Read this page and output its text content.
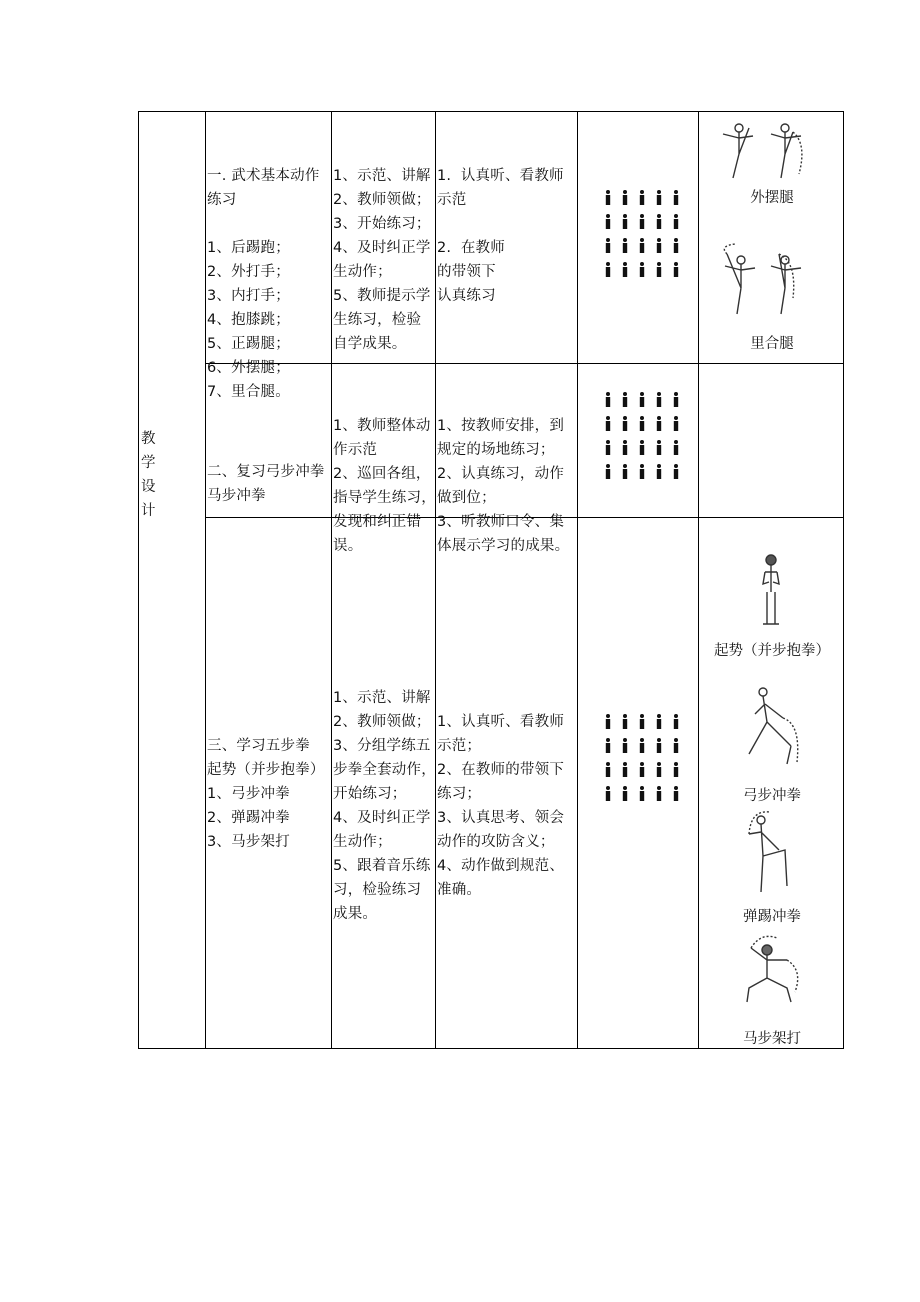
教
学
设
计

一. 武术基本动作
练习

1、后踢跑；
2、外打手；
3、内打手；
4、抱膝跳；
5、正踢腿；
6、外摆腿；
7、里合腿。

1、示范、讲解
2、教师领做；
3、开始练习；
4、及时纠正学
生动作；
5、教师提示学
生练习，检验
自学成果。

1.  认真听、看教师
示范

2.  在教师
的带领下
认真练习

外摆腿
里合腿

二、复习弓步冲拳
马步冲拳

1、教师整体动
作示范
2、巡回各组，
指导学生练习，
发现和纠正错
误。

1、按教师安排，到
规定的场地练习；
2、认真练习，动作
做到位；
3、听教师口令、集
体展示学习的成果。

三、学习五步拳
起势（并步抱拳）
1、弓步冲拳
2、弹踢冲拳
3、马步架打

1、示范、讲解
2、教师领做；
3、分组学练五
步拳全套动作，
开始练习；
4、及时纠正学
生动作；
5、跟着音乐练
习，检验练习
成果。

1、认真听、看教师
示范；
2、在教师的带领下
练习；
3、认真思考、领会
动作的攻防含义；
4、动作做到规范、
准确。

起势（并步抱拳）
弓步冲拳
弹踢冲拳
马步架打
